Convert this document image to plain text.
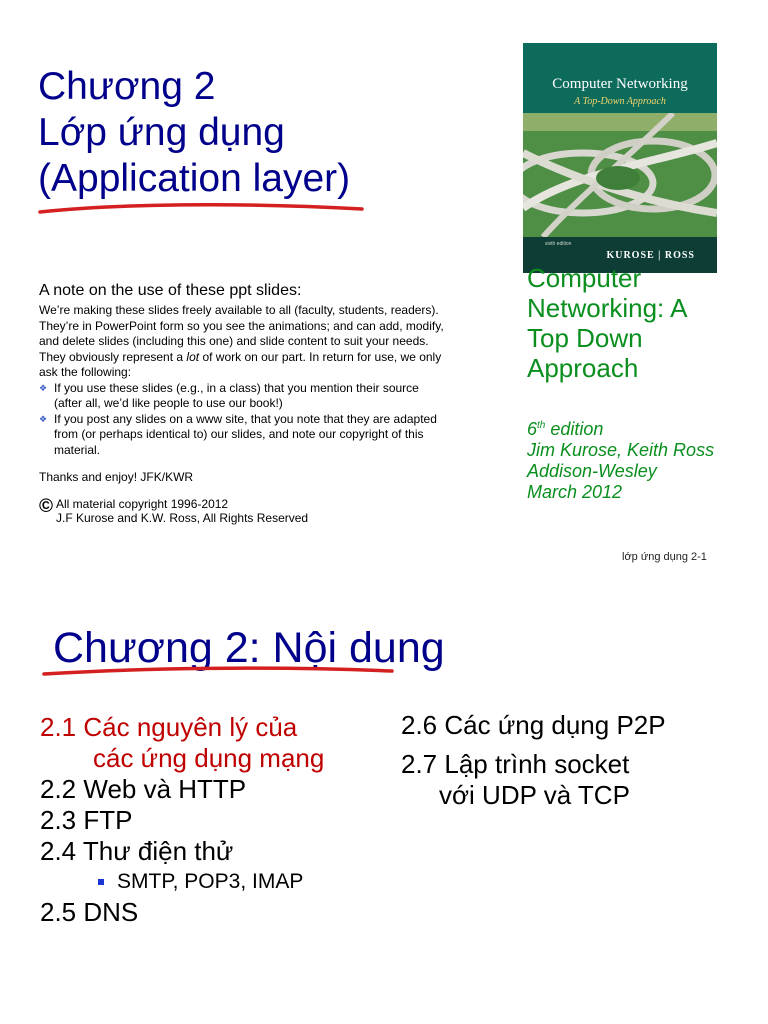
Chương 2
Lớp ứng dụng
(Application layer)
Computer Networking
A Top-Down Approach
sixth edition
KUROSE | ROSS
A note on the use of these ppt slides:

We’re making these slides freely available to all (faculty, students, readers).

They’re in PowerPoint form so you see the animations; and can add, modify,

and delete slides (including this one) and slide content to suit your needs.

They obviously represent a lot of work on our part. In return for use, we only

ask the following:

❖ If you use these slides (e.g., in a class) that you mention their source
(after all, we’d like people to use our book!)
❖ If you post any slides on a www site, that you note that they are adapted
from (or perhaps identical to) our slides, and note our copyright of this
material.
Thanks and enjoy! JFK/KWR
© All material copyright 1996-2012
J.F Kurose and K.W. Ross, All Rights Reserved
Computer
Networking: A
Top Down
Approach
6th edition
Jim Kurose, Keith Ross
Addison-Wesley
March 2012
lớp ứng dụng 2-1
Chương 2: Nội dung
2.1 Các nguyên lý của
các ứng dụng mạng
2.2 Web và HTTP
2.3 FTP
2.4 Thư điện thử
SMTP, POP3, IMAP
2.5 DNS
2.6 Các ứng dụng P2P
2.7 Lập trình socket
với UDP và TCP
